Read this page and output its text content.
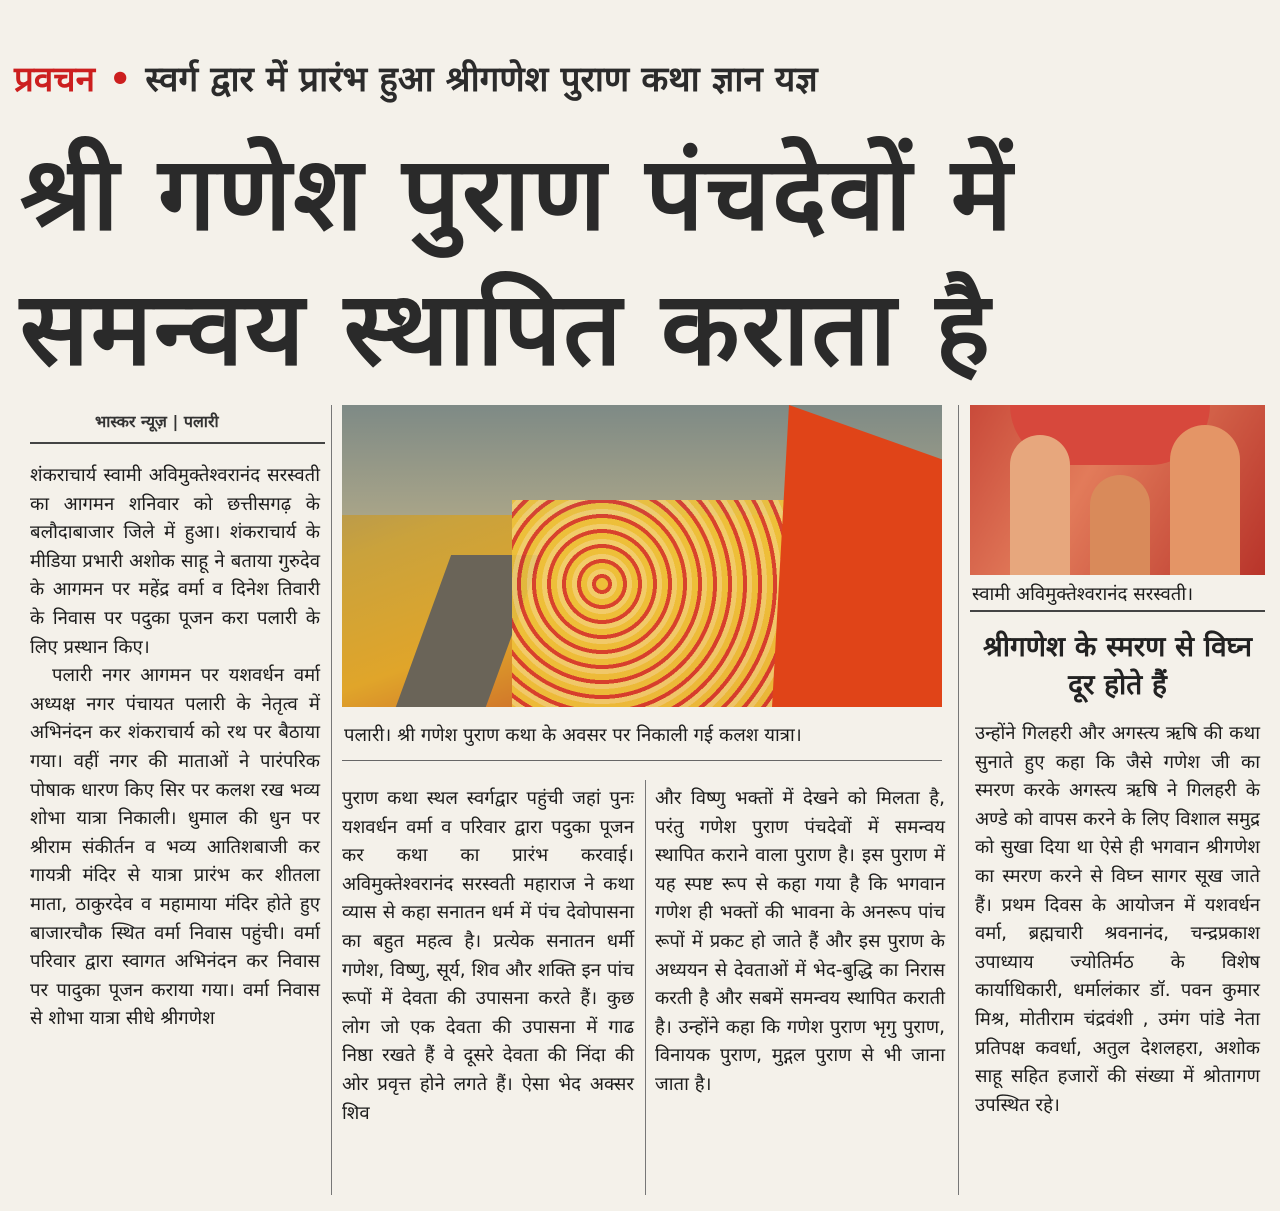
प्रवचन • स्वर्ग द्वार में प्रारंभ हुआ श्रीगणेश पुराण कथा ज्ञान यज्ञ
श्री गणेश पुराण पंचदेवों में
समन्वय स्थापित कराता है
भास्कर न्यूज़ | पलारी

शंकराचार्य स्वामी अविमुक्तेश्वरानंद सरस्वती का आगमन शनिवार को छत्तीसगढ़ के बलौदाबाजार जिले में हुआ। शंकराचार्य के मीडिया प्रभारी अशोक साहू ने बताया गुरुदेव के आगमन पर महेंद्र वर्मा व दिनेश तिवारी के निवास पर पदुका पूजन करा पलारी के लिए प्रस्थान किए।

पलारी नगर आगमन पर यशवर्धन वर्मा अध्यक्ष नगर पंचायत पलारी के नेतृत्व में अभिनंदन कर शंकराचार्य को रथ पर बैठाया गया। वहीं नगर की माताओं ने पारंपरिक पोषाक धारण किए सिर पर कलश रख भव्य शोभा यात्रा निकाली। धुमाल की धुन पर श्रीराम संकीर्तन व भव्य आतिशबाजी कर गायत्री मंदिर से यात्रा प्रारंभ कर शीतला माता, ठाकुरदेव व महामाया मंदिर होते हुए बाजारचौक स्थित वर्मा निवास पहुंची। वर्मा परिवार द्वारा स्वागत अभिनंदन कर निवास पर पादुका पूजन कराया गया। वर्मा निवास से शोभा यात्रा सीधे श्रीगणेश

पलारी। श्री गणेश पुराण कथा के अवसर पर निकाली गई कलश यात्रा।
स्वामी अविमुक्तेश्वरानंद सरस्वती।
श्रीगणेश के स्मरण से विघ्न दूर होते हैं

पुराण कथा स्थल स्वर्गद्वार पहुंची जहां पुनः यशवर्धन वर्मा व परिवार द्वारा पदुका पूजन कर कथा का प्रारंभ करवाई। अविमुक्तेश्वरानंद सरस्वती महाराज ने कथा व्यास से कहा सनातन धर्म में पंच देवोपासना का बहुत महत्व है। प्रत्येक सनातन धर्मी गणेश, विष्णु, सूर्य, शिव और शक्ति इन पांच रूपों में देवता की उपासना करते हैं। कुछ लोग जो एक देवता की उपासना में गाढ निष्ठा रखते हैं वे दूसरे देवता की निंदा की ओर प्रवृत्त होने लगते हैं। ऐसा भेद अक्सर शिव

और विष्णु भक्तों में देखने को मिलता है, परंतु गणेश पुराण पंचदेवों में समन्वय स्थापित कराने वाला पुराण है। इस पुराण में यह स्पष्ट रूप से कहा गया है कि भगवान गणेश ही भक्तों की भावना के अनरूप पांच रूपों में प्रकट हो जाते हैं और इस पुराण के अध्ययन से देवताओं में भेद-बुद्धि का निरास करती है और सबमें समन्वय स्थापित कराती है। उन्होंने कहा कि गणेश पुराण भृगु पुराण, विनायक पुराण, मुद्गल पुराण से भी जाना जाता है।

उन्होंने गिलहरी और अगस्त्य ऋषि की कथा सुनाते हुए कहा कि जैसे गणेश जी का स्मरण करके अगस्त्य ऋषि ने गिलहरी के अण्डे को वापस करने के लिए विशाल समुद्र को सुखा दिया था ऐसे ही भगवान श्रीगणेश का स्मरण करने से विघ्न सागर सूख जाते हैं। प्रथम दिवस के आयोजन में यशवर्धन वर्मा, ब्रह्मचारी श्रवनानंद, चन्द्रप्रकाश उपाध्याय ज्योतिर्मठ के विशेष कार्याधिकारी, धर्मालंकार डॉ. पवन कुमार मिश्र, मोतीराम चंद्रवंशी , उमंग पांडे नेता प्रतिपक्ष कवर्धा, अतुल देशलहरा, अशोक साहू सहित हजारों की संख्या में श्रोतागण उपस्थित रहे।
